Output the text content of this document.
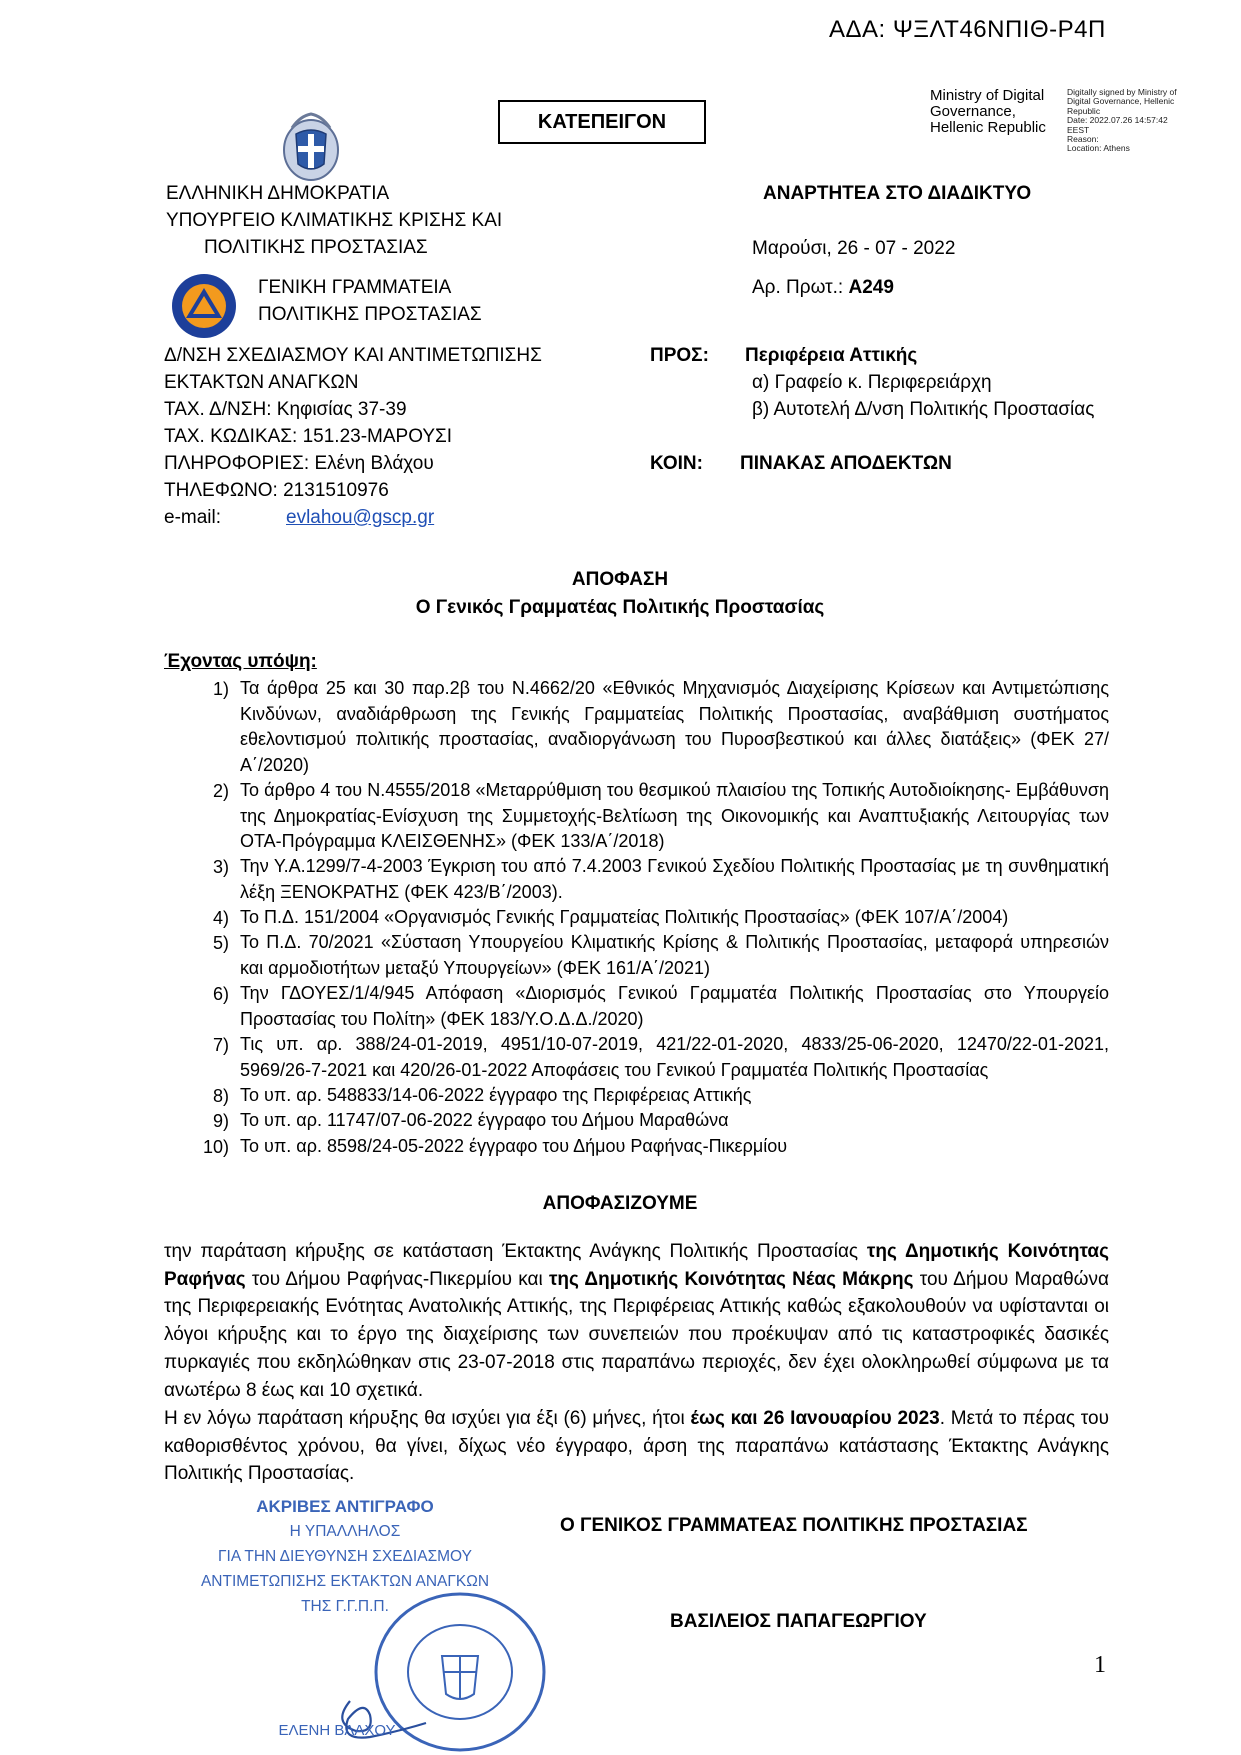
ΑΔΑ: ΨΞΛΤ46ΝΠΙΘ-Ρ4Π
ΚΑΤΕΠΕΙΓΟΝ
Ministry of Digital
Governance,
Hellenic Republic
Digitally signed by Ministry of
Digital Governance, Hellenic
Republic
Date: 2022.07.26 14:57:42
EEST
Reason:
Location: Athens
ΕΛΛΗΝΙΚΗ ΔΗΜΟΚΡΑΤΙΑ
ΥΠΟΥΡΓΕΙΟ ΚΛΙΜΑΤΙΚΗΣ ΚΡΙΣΗΣ ΚΑΙ
ΠΟΛΙΤΙΚΗΣ ΠΡΟΣΤΑΣΙΑΣ
ΓΕΝΙΚΗ ΓΡΑΜΜΑΤΕΙΑ
ΠΟΛΙΤΙΚΗΣ ΠΡΟΣΤΑΣΙΑΣ
Δ/ΝΣΗ ΣΧΕΔΙΑΣΜΟΥ ΚΑΙ ΑΝΤΙΜΕΤΩΠΙΣΗΣ
ΕΚΤΑΚΤΩΝ ΑΝΑΓΚΩΝ
ΤΑΧ. Δ/ΝΣΗ: Κηφισίας 37-39
ΤΑΧ. ΚΩΔΙΚΑΣ: 151.23-ΜΑΡΟΥΣΙ
ΠΛΗΡΟΦΟΡΙΕΣ: Ελένη Βλάχου
ΤΗΛΕΦΩΝΟ: 2131510976
e-mail:	evlahou@gscp.gr
ΑΝΑΡΤΗΤΕΑ ΣΤΟ ΔΙΑΔΙΚΤΥΟ
Μαρούσι, 26 - 07 - 2022
Αρ. Πρωτ.: Α249
ΠΡΟΣ: Περιφέρεια Αττικής
α) Γραφείο κ. Περιφερειάρχη
β) Αυτοτελή Δ/νση Πολιτικής Προστασίας
ΚΟΙΝ: ΠΙΝΑΚΑΣ ΑΠΟΔΕΚΤΩΝ
ΑΠΟΦΑΣΗ
Ο Γενικός Γραμματέας Πολιτικής Προστασίας
Έχοντας υπόψη:
1) Τα άρθρα 25 και 30 παρ.2β του Ν.4662/20 «Εθνικός Μηχανισμός Διαχείρισης Κρίσεων και Αντιμετώπισης Κινδύνων, αναδιάρθρωση της Γενικής Γραμματείας Πολιτικής Προστασίας, αναβάθμιση συστήματος εθελοντισμού πολιτικής προστασίας, αναδιοργάνωση του Πυροσβεστικού και άλλες διατάξεις» (ΦΕΚ 27/Α΄/2020)
2) Το άρθρο 4 του Ν.4555/2018 «Μεταρρύθμιση του θεσμικού πλαισίου της Τοπικής Αυτοδιοίκησης- Εμβάθυνση της Δημοκρατίας-Ενίσχυση της Συμμετοχής-Βελτίωση της Οικονομικής και Αναπτυξιακής Λειτουργίας των ΟΤΑ-Πρόγραμμα ΚΛΕΙΣΘΕΝΗΣ» (ΦΕΚ 133/Α΄/2018)
3) Την Υ.Α.1299/7-4-2003 Έγκριση του από 7.4.2003 Γενικού Σχεδίου Πολιτικής Προστασίας με τη συνθηματική λέξη ΞΕΝΟΚΡΑΤΗΣ (ΦΕΚ 423/Β΄/2003).
4) Το Π.Δ. 151/2004 «Οργανισμός Γενικής Γραμματείας Πολιτικής Προστασίας» (ΦΕΚ 107/Α΄/2004)
5) Το Π.Δ. 70/2021 «Σύσταση Υπουργείου Κλιματικής Κρίσης & Πολιτικής Προστασίας, μεταφορά υπηρεσιών και αρμοδιοτήτων μεταξύ Υπουργείων» (ΦΕΚ 161/Α΄/2021)
6) Την ΓΔΟΥΕΣ/1/4/945 Απόφαση «Διορισμός Γενικού Γραμματέα Πολιτικής Προστασίας στο Υπουργείο Προστασίας του Πολίτη» (ΦΕΚ 183/Υ.Ο.Δ.Δ./2020)
7) Τις υπ. αρ. 388/24-01-2019, 4951/10-07-2019, 421/22-01-2020, 4833/25-06-2020, 12470/22-01-2021, 5969/26-7-2021 και 420/26-01-2022 Αποφάσεις του Γενικού Γραμματέα Πολιτικής Προστασίας
8) Το υπ. αρ. 548833/14-06-2022 έγγραφο της Περιφέρειας Αττικής
9) Το υπ. αρ. 11747/07-06-2022 έγγραφο του Δήμου Μαραθώνα
10) Το υπ. αρ. 8598/24-05-2022 έγγραφο του Δήμου Ραφήνας-Πικερμίου
ΑΠΟΦΑΣΙΖΟΥΜΕ
την παράταση κήρυξης σε κατάσταση Έκτακτης Ανάγκης Πολιτικής Προστασίας της Δημοτικής Κοινότητας Ραφήνας του Δήμου Ραφήνας-Πικερμίου και της Δημοτικής Κοινότητας Νέας Μάκρης του Δήμου Μαραθώνα της Περιφερειακής Ενότητας Ανατολικής Αττικής, της Περιφέρειας Αττικής καθώς εξακολουθούν να υφίστανται οι λόγοι κήρυξης και το έργο της διαχείρισης των συνεπειών που προέκυψαν από τις καταστροφικές δασικές πυρκαγιές που εκδηλώθηκαν στις 23-07-2018 στις παραπάνω περιοχές, δεν έχει ολοκληρωθεί σύμφωνα με τα ανωτέρω 8 έως και 10 σχετικά.
Η εν λόγω παράταση κήρυξης θα ισχύει για έξι (6) μήνες, ήτοι έως και 26 Ιανουαρίου 2023. Μετά το πέρας του καθορισθέντος χρόνου, θα γίνει, δίχως νέο έγγραφο, άρση της παραπάνω κατάστασης Έκτακτης Ανάγκης Πολιτικής Προστασίας.
ΑΚΡΙΒΕΣ ΑΝΤΙΓΡΑΦΟ
Η ΥΠΑΛΛΗΛΟΣ
ΓΙΑ ΤΗΝ ΔΙΕΥΘΥΝΣΗ ΣΧΕΔΙΑΣΜΟΥ
ΑΝΤΙΜΕΤΩΠΙΣΗΣ ΕΚΤΑΚΤΩΝ ΑΝΑΓΚΩΝ
ΤΗΣ Γ.Γ.Π.Π.
ΕΛΕΝΗ ΒΛΑΧΟΥ
Ο ΓΕΝΙΚΟΣ ΓΡΑΜΜΑΤΕΑΣ ΠΟΛΙΤΙΚΗΣ ΠΡΟΣΤΑΣΙΑΣ
ΒΑΣΙΛΕΙΟΣ ΠΑΠΑΓΕΩΡΓΙΟΥ
1
